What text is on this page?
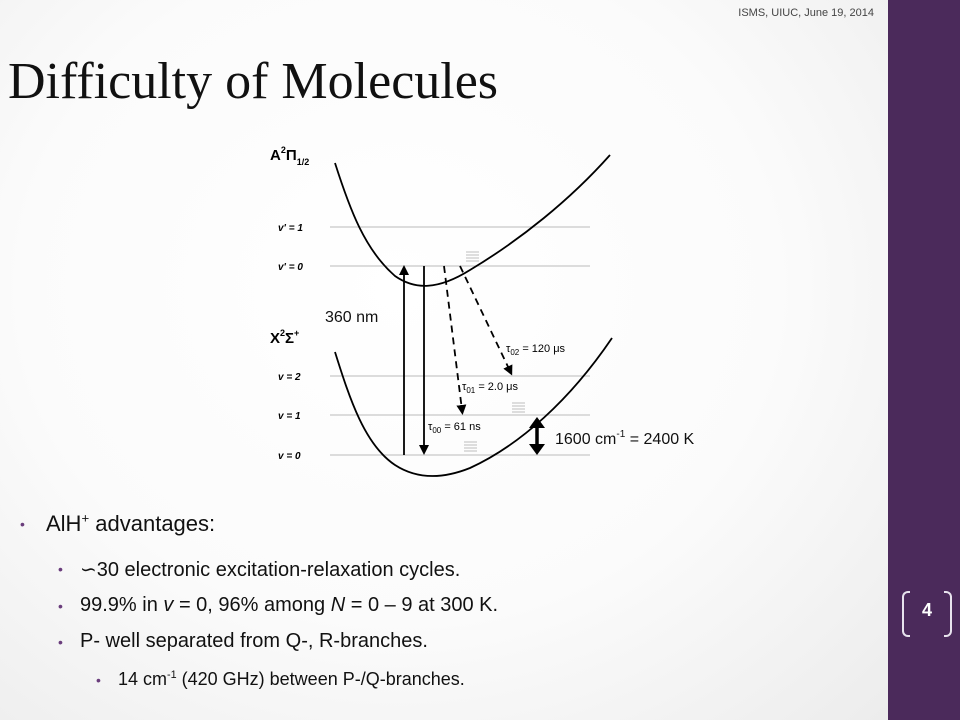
ISMS, UIUC, June 19, 2014
Difficulty of Molecules
4
$A^2\Pi_{1/2}$
v' = 1
v' = 0
$X^2\Sigma^+$
v = 2
v = 1
v = 0
$\tau_{00} = 61$ ns
$\tau_{01} = 2.0$ μs
$\tau_{02} = 120$ μs
360 nm
1600 $cm^{-1} = 2400$ K
• AlH+ advantages:
• ∽30 electronic excitation-relaxation cycles.
• 99.9% in v = 0, 96% among N = 0 – 9 at 300 K.
• P- well separated from Q-, R-branches.
• 14 $cm^{-1}$ (420 GHz) between P-/Q-branches.
